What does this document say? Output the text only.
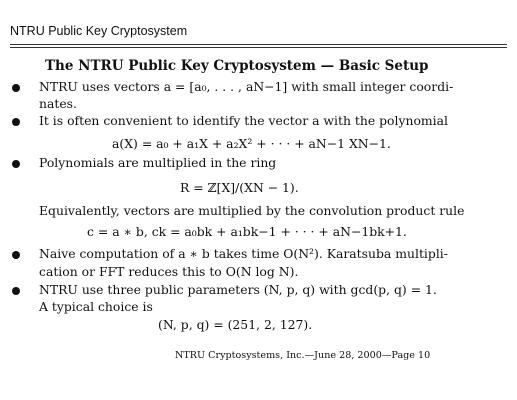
NTRU Public Key Cryptosystem
The NTRU Public Key Cryptosystem — Basic Setup
NTRU uses vectors a = [a₀, . . . , aN−1] with small integer coordi-
nates.
It is often convenient to identify the vector a with the polynomial
a(X) = a₀ + a₁X + a₂X² + · · · + aN−1 XN−1.
Polynomials are multiplied in the ring
R = ℤ[X]/(XN − 1).
Equivalently, vectors are multiplied by the convolution product rule
c = a ∗ b, ck = a₀bk + a₁bk−1 + · · · + aN−1bk+1.
Naive computation of a ∗ b takes time O(N²). Karatsuba multipli-
cation or FFT reduces this to O(N log N).
NTRU use three public parameters (N, p, q) with gcd(p, q) = 1.
A typical choice is
(N, p, q) = (251, 2, 127).
NTRU Cryptosystems, Inc.—June 28, 2000—Page 10
